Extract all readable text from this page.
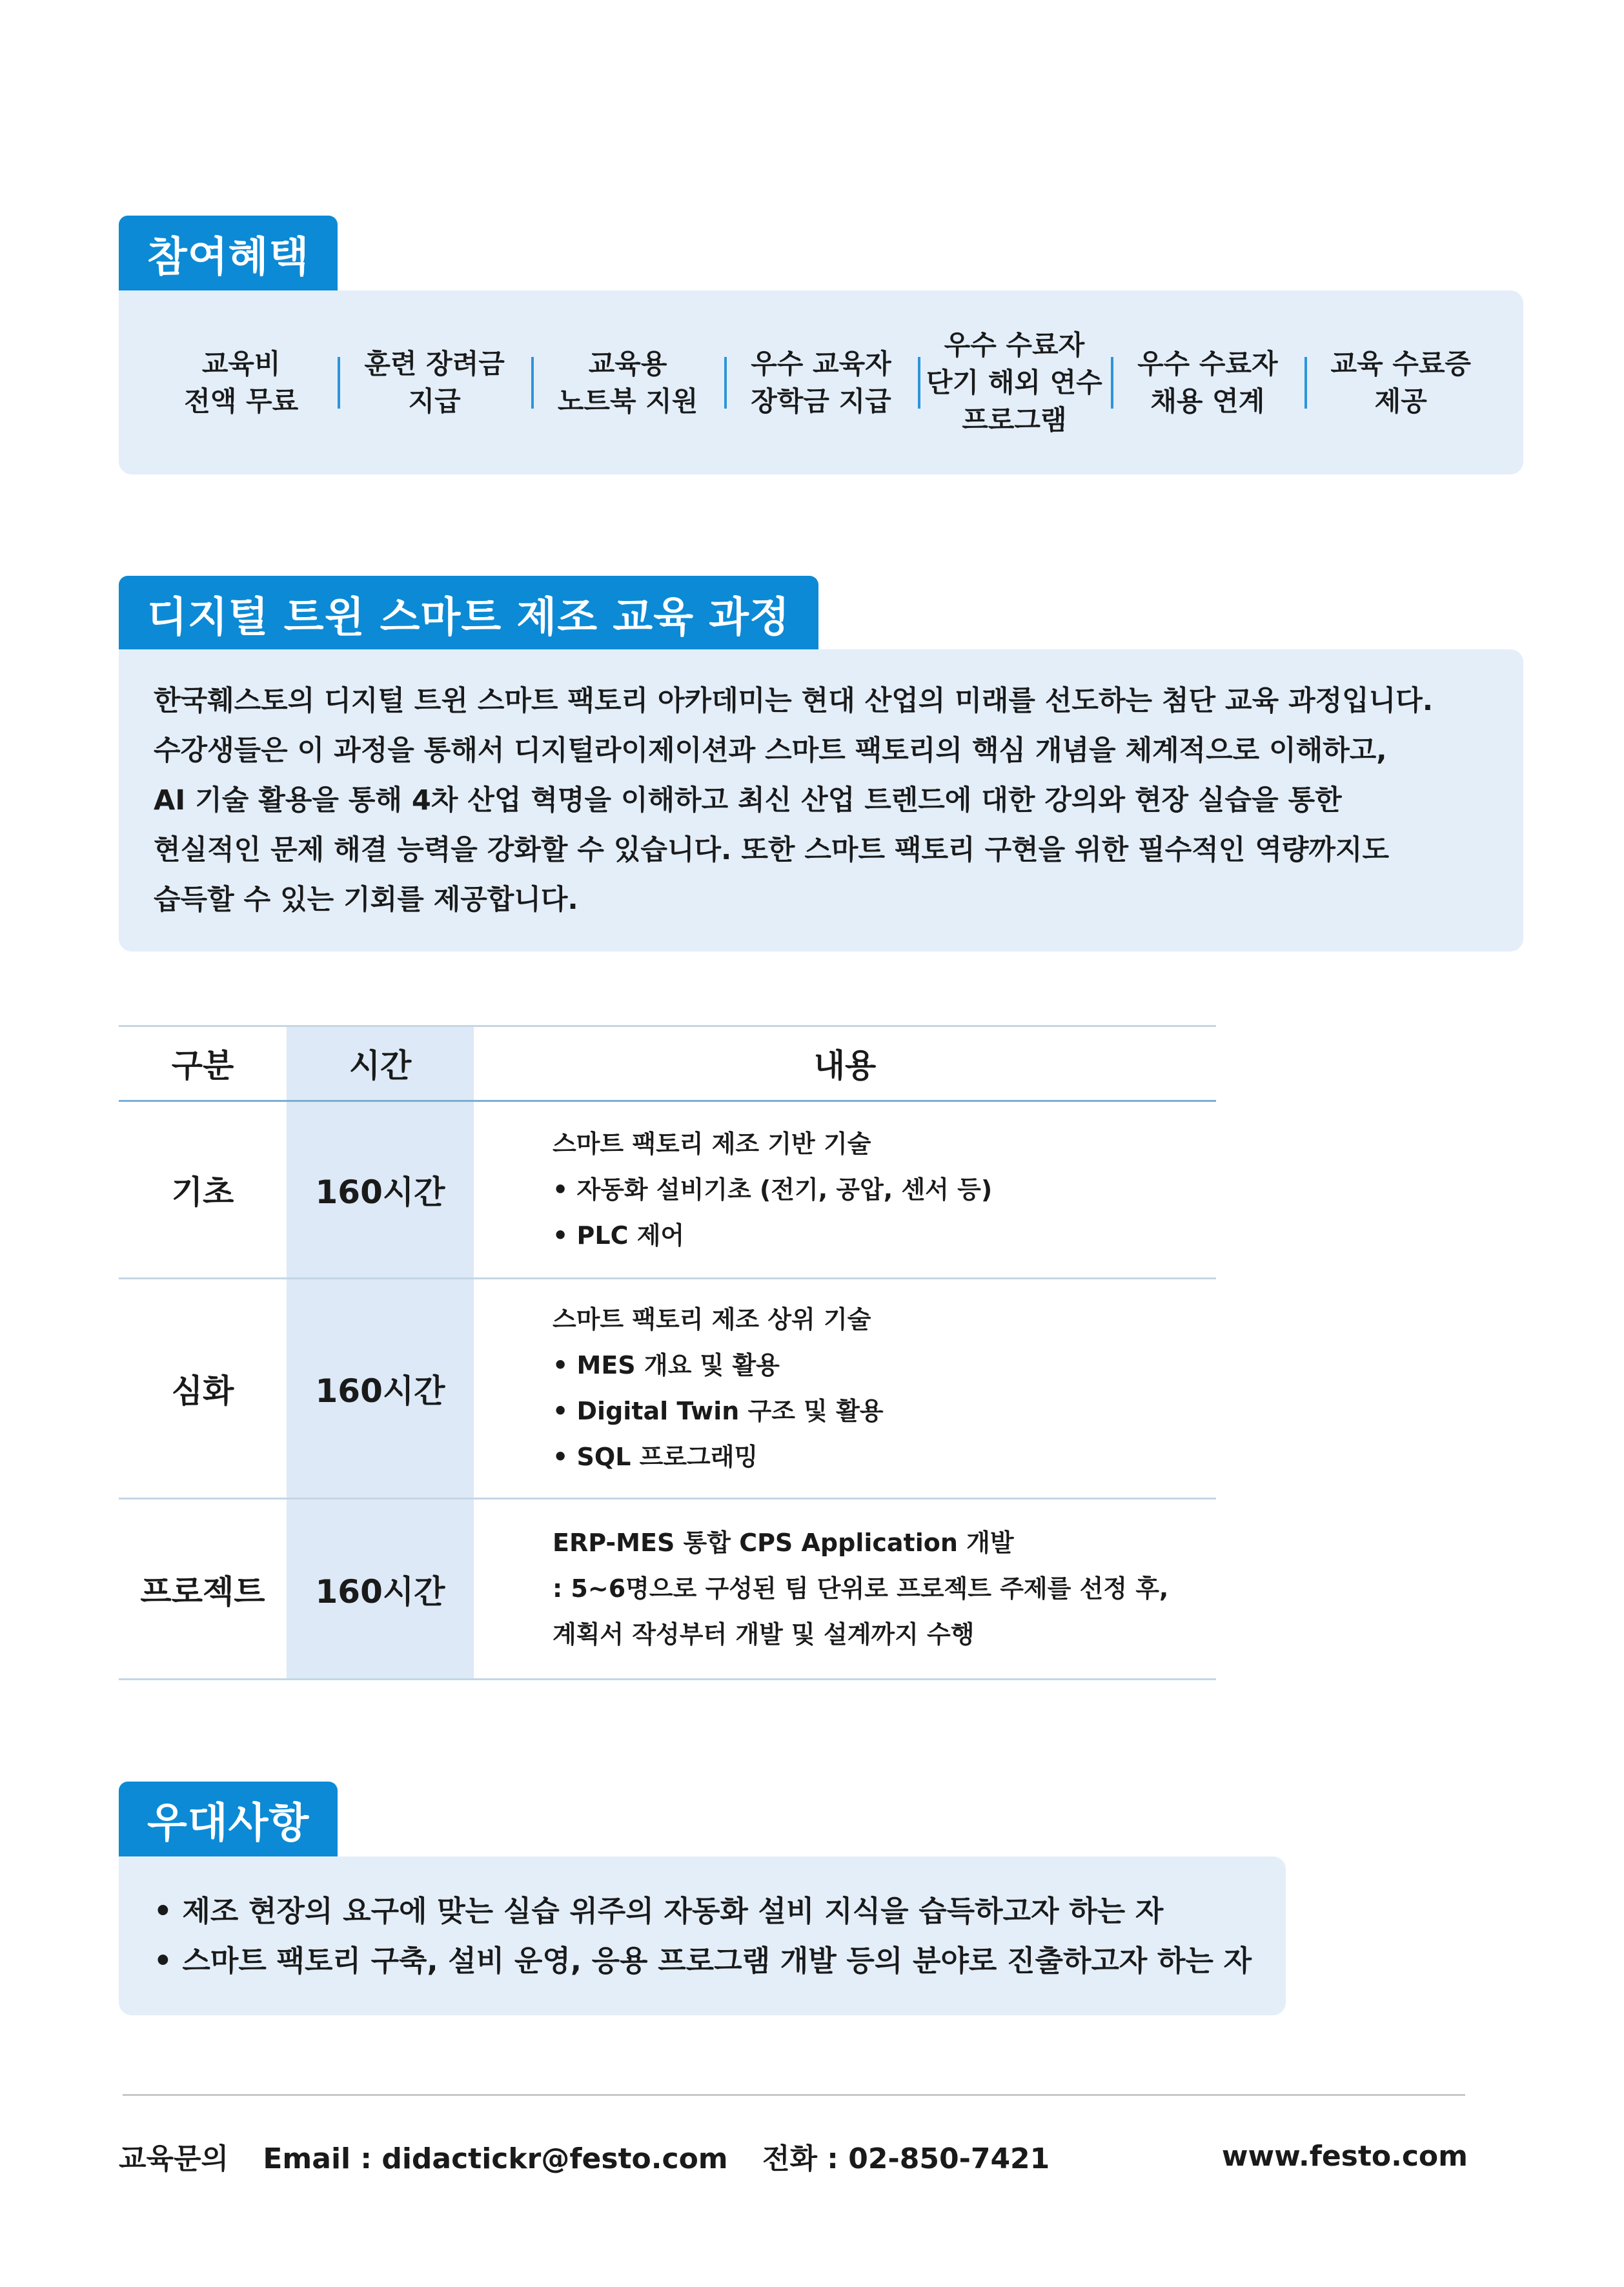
참여혜택
교육비
전액 무료
훈련 장려금
지급
교육용
노트북 지원
우수 교육자
장학금 지급
우수 수료자
단기 해외 연수
프로그램
우수 수료자
채용 연계
교육 수료증
제공
디지털 트윈 스마트 제조 교육 과정
한국훼스토의 디지털 트윈 스마트 팩토리 아카데미는 현대 산업의 미래를 선도하는 첨단 교육 과정입니다.
수강생들은 이 과정을 통해서 디지털라이제이션과 스마트 팩토리의 핵심 개념을 체계적으로 이해하고,
AI 기술 활용을 통해 4차 산업 혁명을 이해하고 최신 산업 트렌드에 대한 강의와 현장 실습을 통한
현실적인 문제 해결 능력을 강화할 수 있습니다. 또한 스마트 팩토리 구현을 위한 필수적인 역량까지도
습득할 수 있는 기회를 제공합니다.
구분	시간	내용
기초	160시간
스마트 팩토리 제조 기반 기술
• 자동화 설비기초 (전기, 공압, 센서 등)
• PLC 제어
심화	160시간
스마트 팩토리 제조 상위 기술
• MES 개요 및 활용
• Digital Twin 구조 및 활용
• SQL 프로그래밍
프로젝트	160시간
ERP-MES 통합 CPS Application 개발
: 5~6명으로 구성된 팀 단위로 프로젝트 주제를 선정 후,
계획서 작성부터 개발 및 설계까지 수행
우대사항
• 제조 현장의 요구에 맞는 실습 위주의 자동화 설비 지식을 습득하고자 하는 자
• 스마트 팩토리 구축, 설비 운영, 응용 프로그램 개발 등의 분야로 진출하고자 하는 자
교육문의 Email : didactickr@festo.com 전화 : 02-850-7421	www.festo.com
